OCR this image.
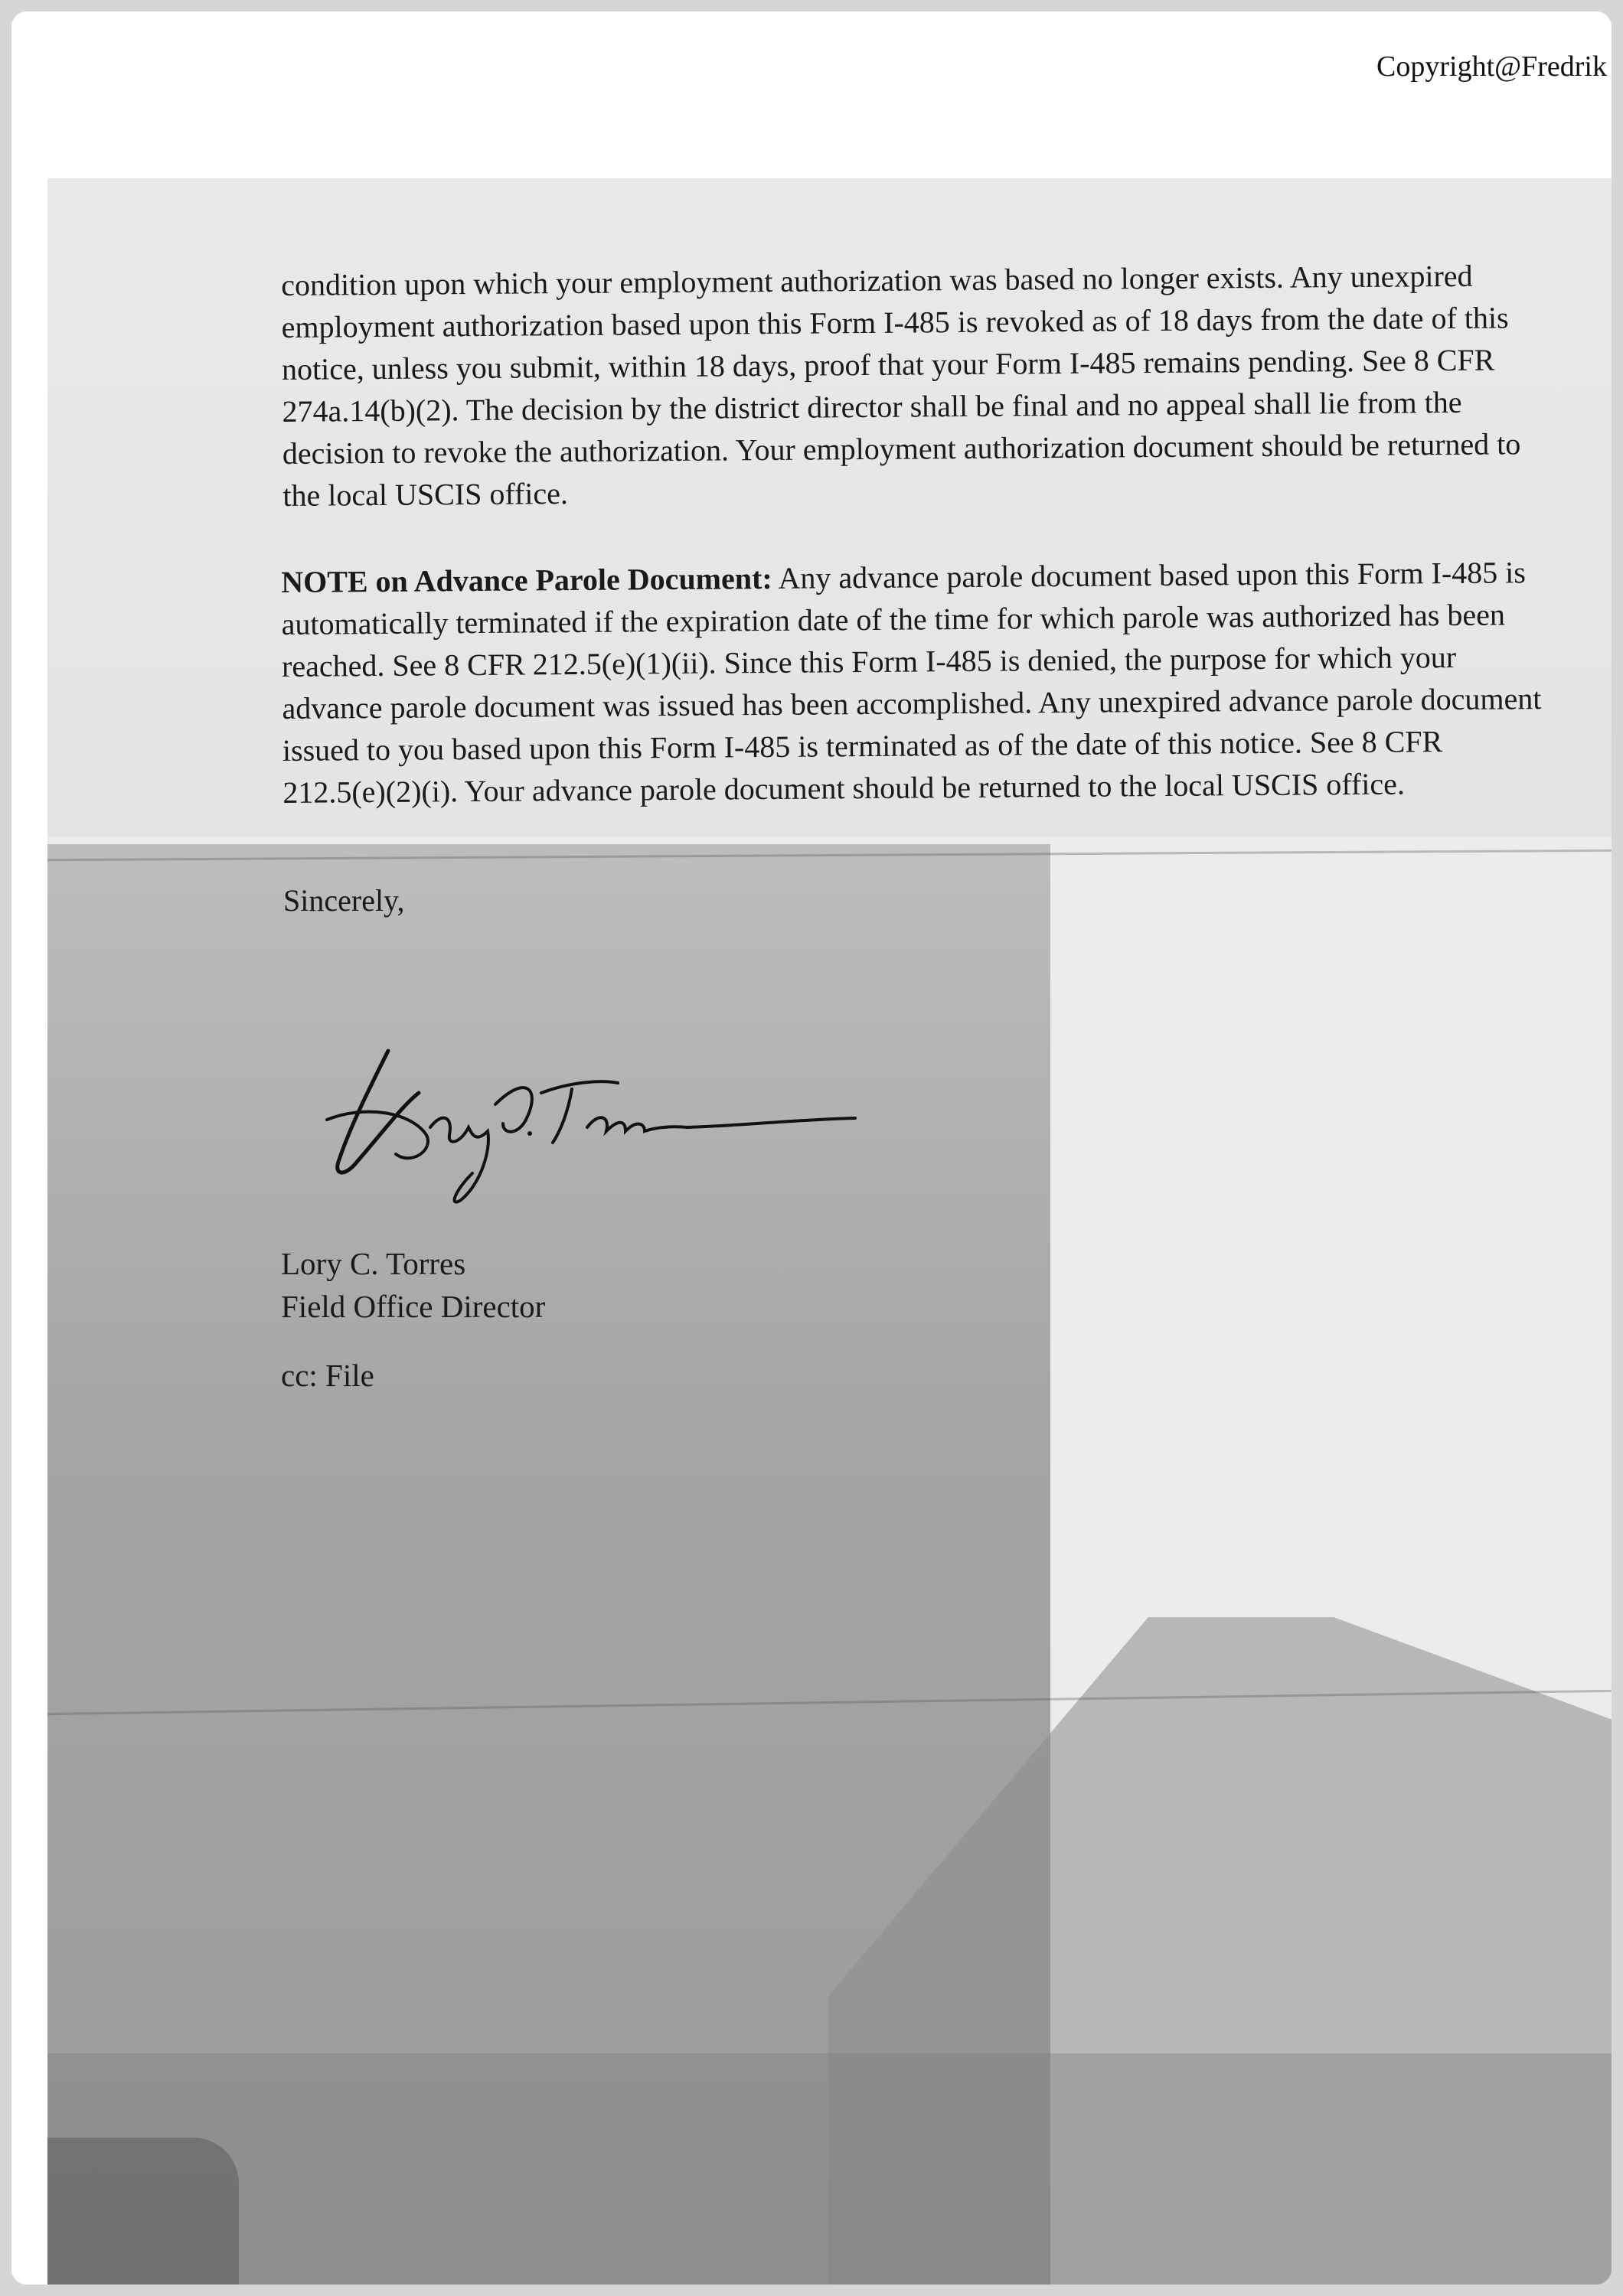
Copyright@Fredrik
condition upon which your employment authorization was based no longer exists. Any unexpired
employment authorization based upon this Form I-485 is revoked as of 18 days from the date of this
notice, unless you submit, within 18 days, proof that your Form I-485 remains pending. See 8 CFR
274a.14(b)(2). The decision by the district director shall be final and no appeal shall lie from the
decision to revoke the authorization. Your employment authorization document should be returned to
the local USCIS office.
NOTE on Advance Parole Document: Any advance parole document based upon this Form I-485 is
automatically terminated if the expiration date of the time for which parole was authorized has been
reached. See 8 CFR 212.5(e)(1)(ii). Since this Form I-485 is denied, the purpose for which your
advance parole document was issued has been accomplished. Any unexpired advance parole document
issued to you based upon this Form I-485 is terminated as of the date of this notice. See 8 CFR
212.5(e)(2)(i). Your advance parole document should be returned to the local USCIS office.
Sincerely,
Lory C. Torres
Field Office Director
cc: File
